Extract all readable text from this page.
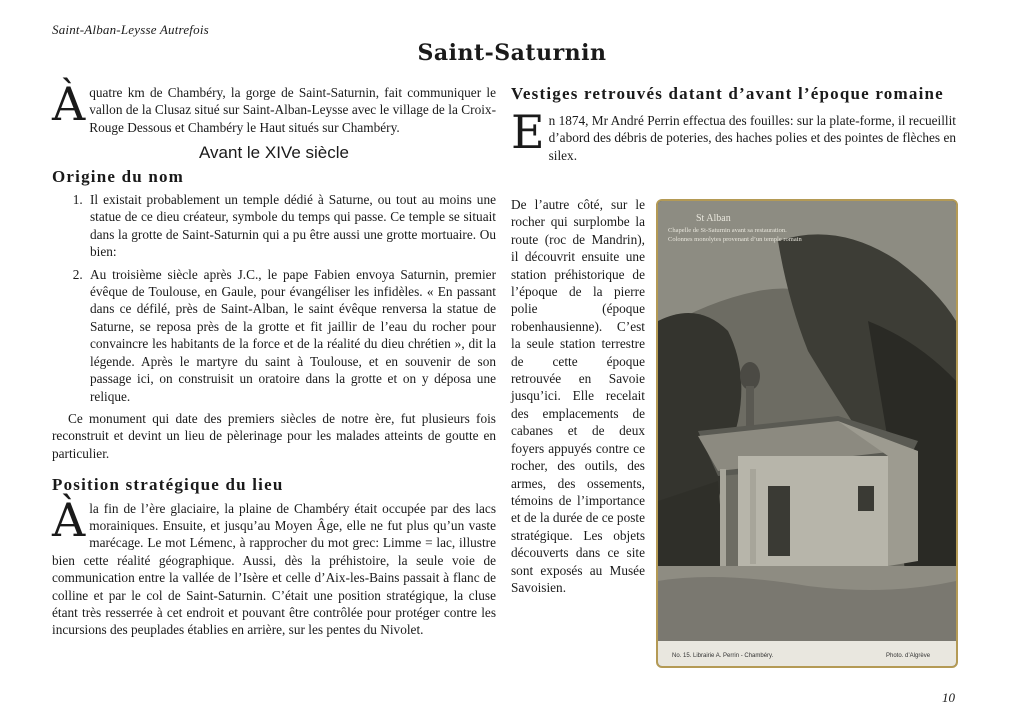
Saint-Alban-Leysse Autrefois
Saint-Saturnin

Àquatre km de Chambéry, la gorge de Saint-Saturnin, fait communiquer le vallon de la Clusaz situé sur Saint-Alban-Leysse avec le village de la Croix-Rouge Dessous et Chambéry le Haut situés sur Chambéry.

Avant le XIVe siècle
Origine du nom
1. Il existait probablement un temple dédié à Saturne, ou tout au moins une statue de ce dieu créateur, symbole du temps qui passe. Ce temple se situait dans la grotte de Saint-Saturnin qui a pu être aussi une grotte mortuaire. Ou bien:
2. Au troisième siècle après J.C., le pape Fabien envoya Saturnin, premier évêque de Toulouse, en Gaule, pour évangéliser les infidèles. « En passant dans ce défilé, près de Saint-Alban, le saint évêque renversa la statue de Saturne, se reposa près de la grotte et fit jaillir de l’eau du rocher pour convaincre les habitants de la force et de la réalité du dieu chrétien », dit la légende. Après le martyre du saint à Toulouse, et en souvenir de son passage ici, on construisit un oratoire dans la grotte et on y déposa une relique.

Ce monument qui date des premiers siècles de notre ère, fut plusieurs fois reconstruit et devint un lieu de pèlerinage pour les malades atteints de goutte en particulier.

Position stratégique du lieu

Àla fin de l’ère glaciaire, la plaine de Chambéry était occupée par des lacs morainiques. Ensuite, et jusqu’au Moyen Âge, elle ne fut plus qu’un vaste marécage. Le mot Lémenc, à rapprocher du mot grec: Limme = lac, illustre bien cette réalité géographique. Aussi, dès la préhistoire, la seule voie de communication entre la vallée de l’Isère et celle d’Aix-les-Bains passait à flanc de colline et par le col de Saint-Saturnin. C’était une position stratégique, la cluse étant très resserrée à cet endroit et pouvant être contrôlée pour protéger contre les incursions des peuplades établies en arrière, sur les pentes du Nivolet.

Vestiges retrouvés datant d’avant l’époque romaine

En 1874, Mr André Perrin effectua des fouilles: sur la plate-forme, il recueillit d’abord des débris de poteries, des haches polies et des pointes de flèches en silex.

De l’autre côté, sur le rocher qui surplombe la route (roc de Mandrin), il découvrit ensuite une station préhistorique de l’époque de la pierre polie (époque robenhausienne). C’est la seule station terrestre de cette époque retrouvée en Savoie jusqu’ici. Elle recelait des emplacements de cabanes et de deux foyers appuyés contre ce rocher, des outils, des armes, des ossements, témoins de l’importance et de la durée de ce poste stratégique. Les objets découverts dans ce site sont exposés au Musée Savoisien.

St Alban
Chapelle de St-Saturnin avant sa restauration.
Colonnes monolytes provenant d’un temple romain
No. 15. Librairie A. Perrin - Chambéry.	Photo. d’Algrève
10
